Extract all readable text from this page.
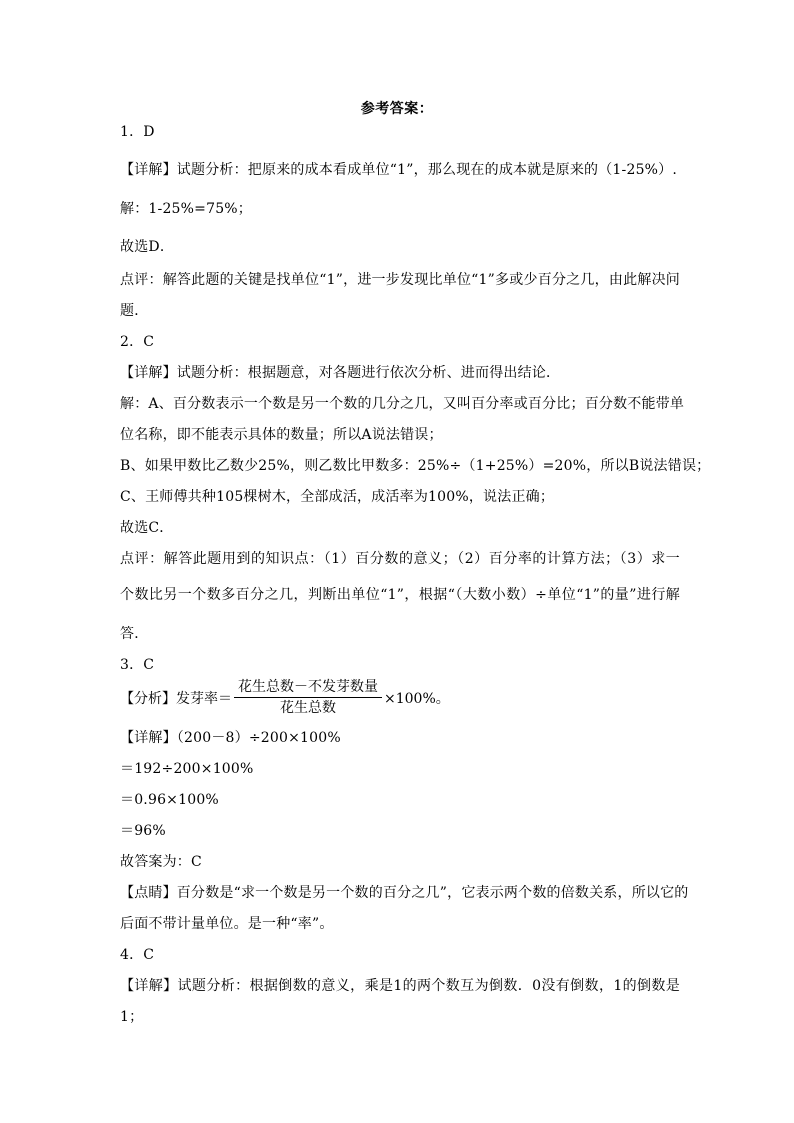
参考答案：
1．D
【详解】试题分析：把原来的成本看成单位“1”，那么现在的成本就是原来的（1-25%）.
解：1-25%=75%；
故选D．
点评：解答此题的关键是找单位“1”，进一步发现比单位“1”多或少百分之几，由此解决问
题．
2．C
【详解】试题分析：根据题意，对各题进行依次分析、进而得出结论．
解：A、百分数表示一个数是另一个数的几分之几，又叫百分率或百分比；百分数不能带单
位名称，即不能表示具体的数量；所以A说法错误；
B、如果甲数比乙数少25%，则乙数比甲数多：25%÷（1+25%）=20%，所以B说法错误；
C、王师傅共种105棵树木，全部成活，成活率为100%，说法正确；
故选C．
点评：解答此题用到的知识点：（1）百分数的意义；（2）百分率的计算方法；（3）求一
个数比另一个数多百分之几，判断出单位“1”，根据“（大数小数）÷单位“1”的量”进行解
答．
3．C
【详解】（200－8）÷200×100%
＝192÷200×100%
＝0.96×100%
＝96%
故答案为：C
【点睛】百分数是“求一个数是另一个数的百分之几”，它表示两个数的倍数关系，所以它的
后面不带计量单位。是一种“率”。
4．C
【详解】试题分析：根据倒数的意义，乘是1的两个数互为倒数．0没有倒数，1的倒数是
1；
【分析】发芽率＝ $\frac{\text{花生总数－不发芽数量}}{\text{花生总数}} \times 100\%$。
